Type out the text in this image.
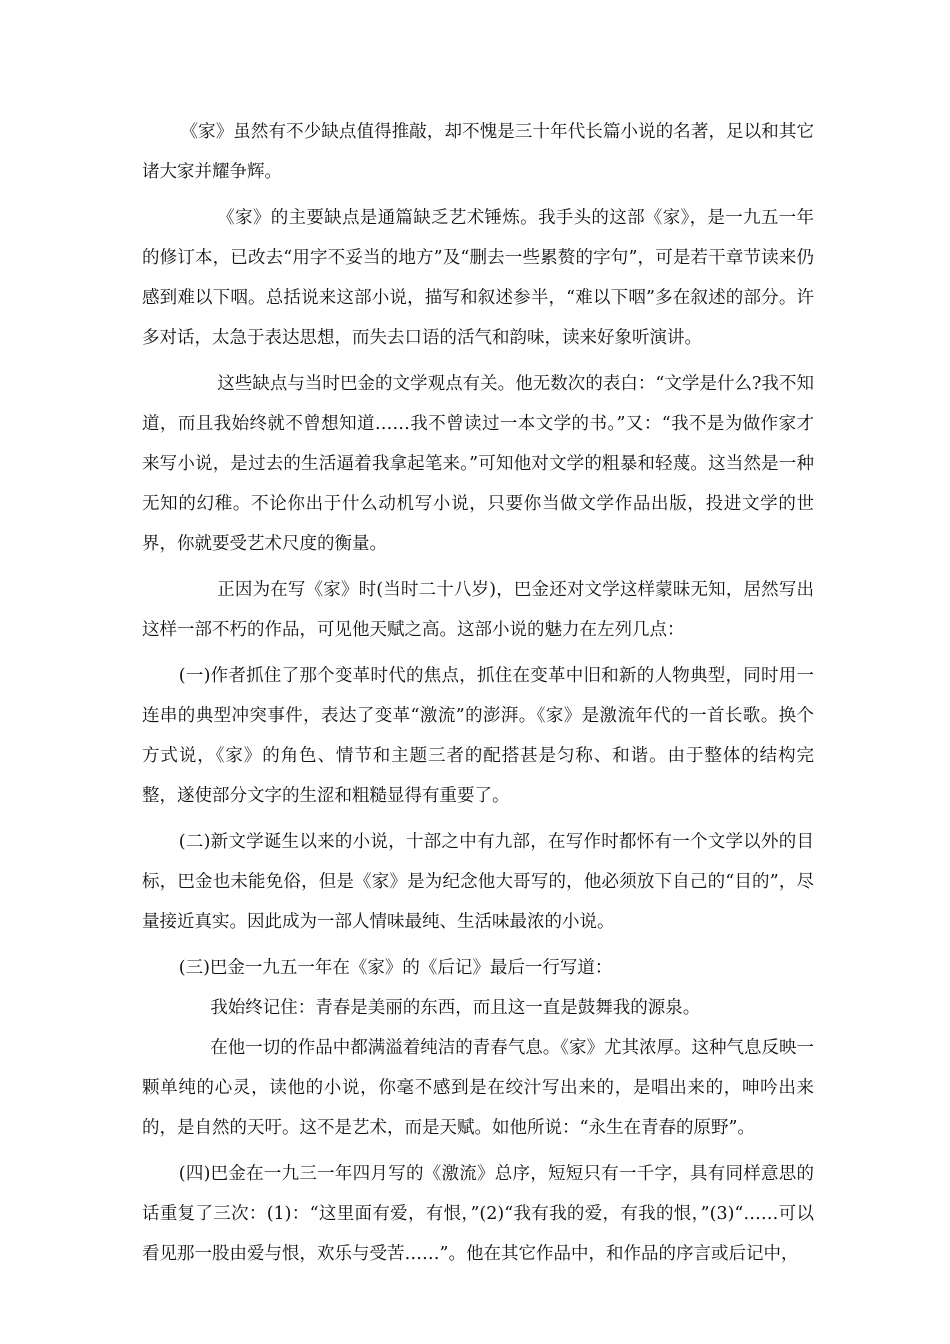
《家》虽然有不少缺点值得推敲，却不愧是三十年代长篇小说的名著，足以和其它诸大家并耀争辉。

《家》的主要缺点是通篇缺乏艺术锤炼。我手头的这部《家》，是一九五一年的修订本，已改去“用字不妥当的地方”及“删去一些累赘的字句”，可是若干章节读来仍感到难以下咽。总括说来这部小说，描写和叙述参半，“难以下咽”多在叙述的部分。许多对话，太急于表达思想，而失去口语的活气和韵味，读来好象听演讲。

这些缺点与当时巴金的文学观点有关。他无数次的表白：“文学是什么?我不知道，而且我始终就不曾想知道……我不曾读过一本文学的书。”又：“我不是为做作家才来写小说，是过去的生活逼着我拿起笔来。”可知他对文学的粗暴和轻蔑。这当然是一种无知的幻稚。不论你出于什么动机写小说，只要你当做文学作品出版，投进文学的世界，你就要受艺术尺度的衡量。

正因为在写《家》时(当时二十八岁)，巴金还对文学这样蒙昧无知，居然写出这样一部不朽的作品，可见他天赋之高。这部小说的魅力在左列几点：

(一)作者抓住了那个变革时代的焦点，抓住在变革中旧和新的人物典型，同时用一连串的典型冲突事件，表达了变革“激流”的澎湃。《家》是激流年代的一首长歌。换个方式说，《家》的角色、情节和主题三者的配搭甚是匀称、和谐。由于整体的结构完整，遂使部分文字的生涩和粗糙显得有重要了。

(二)新文学诞生以来的小说，十部之中有九部，在写作时都怀有一个文学以外的目标，巴金也未能免俗，但是《家》是为纪念他大哥写的，他必须放下自己的“目的”，尽量接近真实。因此成为一部人情味最纯、生活味最浓的小说。

(三)巴金一九五一年在《家》的《后记》最后一行写道：

我始终记住：青春是美丽的东西，而且这一直是鼓舞我的源泉。

在他一切的作品中都满溢着纯洁的青春气息。《家》尤其浓厚。这种气息反映一颗单纯的心灵，读他的小说，你毫不感到是在绞汁写出来的，是唱出来的，呻吟出来的，是自然的天吁。这不是艺术，而是天赋。如他所说：“永生在青春的原野”。

(四)巴金在一九三一年四月写的《激流》总序，短短只有一千字，具有同样意思的话重复了三次：(1)：“这里面有爱，有恨，”(2)“我有我的爱，有我的恨，”(3)“……可以看见那一股由爱与恨，欢乐与受苦……”。他在其它作品中，和作品的序言或后记中，
